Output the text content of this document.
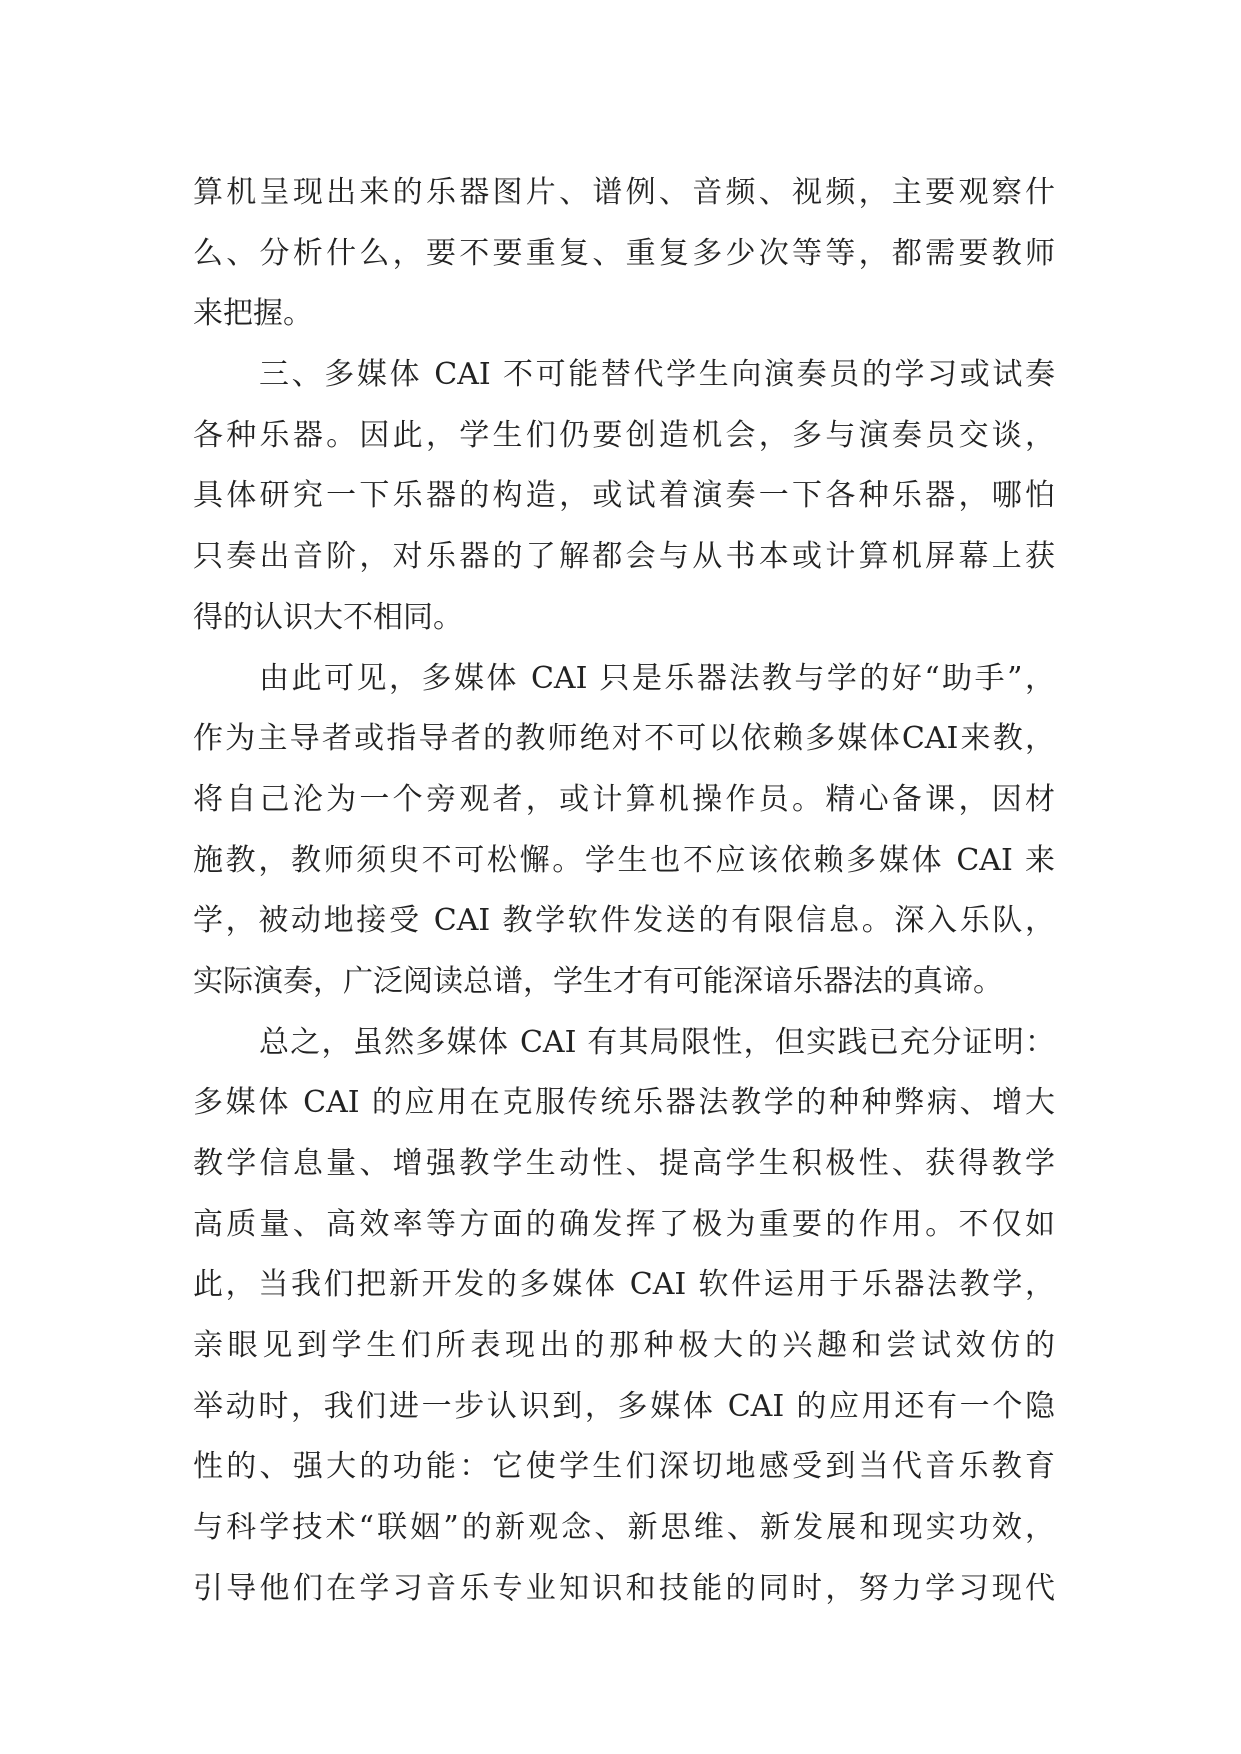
算机呈现出来的乐器图片、谱例、音频、视频，主要观察什
么、分析什么，要不要重复、重复多少次等等，都需要教师
来把握。
三、多媒体 CAI 不可能替代学生向演奏员的学习或试奏
各种乐器。因此，学生们仍要创造机会，多与演奏员交谈，
具体研究一下乐器的构造，或试着演奏一下各种乐器，哪怕
只奏出音阶，对乐器的了解都会与从书本或计算机屏幕上获
得的认识大不相同。
由此可见，多媒体 CAI 只是乐器法教与学的好“助手”，
作为主导者或指导者的教师绝对不可以依赖多媒体CAI来教，
将自己沦为一个旁观者，或计算机操作员。精心备课，因材
施教，教师须臾不可松懈。学生也不应该依赖多媒体 CAI 来
学，被动地接受 CAI 教学软件发送的有限信息。深入乐队，
实际演奏，广泛阅读总谱，学生才有可能深谙乐器法的真谛。
总之，虽然多媒体 CAI 有其局限性，但实践已充分证明：
多媒体 CAI 的应用在克服传统乐器法教学的种种弊病、增大
教学信息量、增强教学生动性、提高学生积极性、获得教学
高质量、高效率等方面的确发挥了极为重要的作用。不仅如
此，当我们把新开发的多媒体 CAI 软件运用于乐器法教学，
亲眼见到学生们所表现出的那种极大的兴趣和尝试效仿的
举动时，我们进一步认识到，多媒体 CAI 的应用还有一个隐
性的、强大的功能：它使学生们深切地感受到当代音乐教育
与科学技术“联姻”的新观念、新思维、新发展和现实功效，
引导他们在学习音乐专业知识和技能的同时，努力学习现代
